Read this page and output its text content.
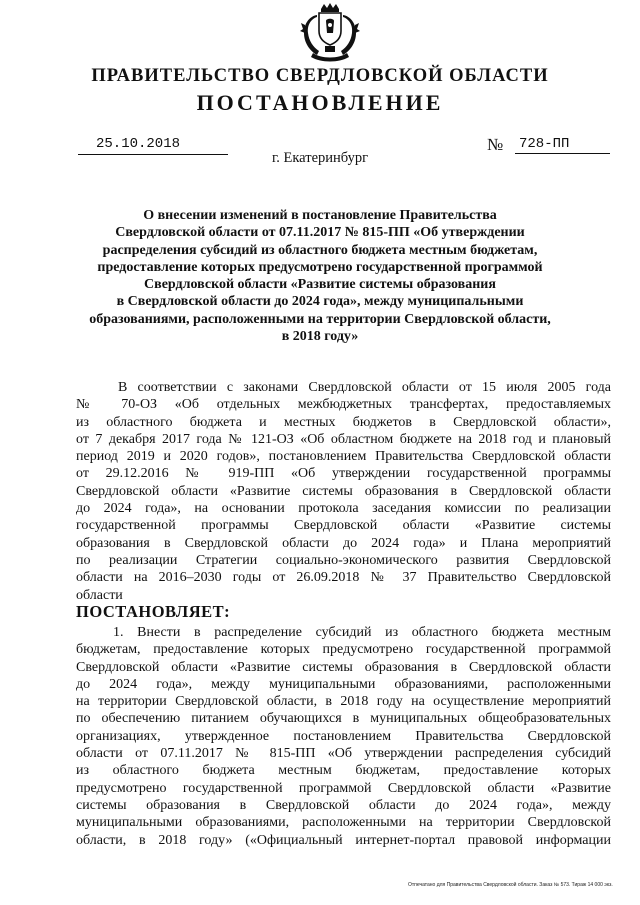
ПРАВИТЕЛЬСТВО СВЕРДЛОВСКОЙ ОБЛАСТИ
ПОСТАНОВЛЕНИЕ
25.10.2018	№ 728-ПП
г. Екатеринбург
О внесении изменений в постановление Правительства
Свердловской области от 07.11.2017 № 815-ПП «Об утверждении
распределения субсидий из областного бюджета местным бюджетам,
предоставление которых предусмотрено государственной программой
Свердловской области «Развитие системы образования
в Свердловской области до 2024 года», между муниципальными
образованиями, расположенными на территории Свердловской области,
в 2018 году»
В соответствии с законами Свердловской области от 15 июля 2005 года
№ 70-ОЗ «Об отдельных межбюджетных трансфертах, предоставляемых
из областного бюджета и местных бюджетов в Свердловской области»,
от 7 декабря 2017 года № 121-ОЗ «Об областном бюджете на 2018 год и плановый
период 2019 и 2020 годов», постановлением Правительства Свердловской области
от 29.12.2016 № 919-ПП «Об утверждении государственной программы
Свердловской области «Развитие системы образования в Свердловской области
до 2024 года», на основании протокола заседания комиссии по реализации
государственной программы Свердловской области «Развитие системы
образования в Свердловской области до 2024 года» и Плана мероприятий
по реализации Стратегии социально-экономического развития Свердловской
области на 2016–2030 годы от 26.09.2018 № 37 Правительство Свердловской
области
ПОСТАНОВЛЯЕТ:
1. Внести в распределение субсидий из областного бюджета местным
бюджетам, предоставление которых предусмотрено государственной программой
Свердловской области «Развитие системы образования в Свердловской области
до 2024 года», между муниципальными образованиями, расположенными
на территории Свердловской области, в 2018 году на осуществление мероприятий
по обеспечению питанием обучающихся в муниципальных общеобразовательных
организациях, утвержденное постановлением Правительства Свердловской
области от 07.11.2017 № 815-ПП «Об утверждении распределения субсидий
из областного бюджета местным бюджетам, предоставление которых
предусмотрено государственной программой Свердловской области «Развитие
системы образования в Свердловской области до 2024 года», между
муниципальными образованиями, расположенными на территории Свердловской
области, в 2018 году» («Официальный интернет-портал правовой информации
Отпечатано для Правительства Свердловской области. Заказ № 573. Тираж 14 000 экз.
